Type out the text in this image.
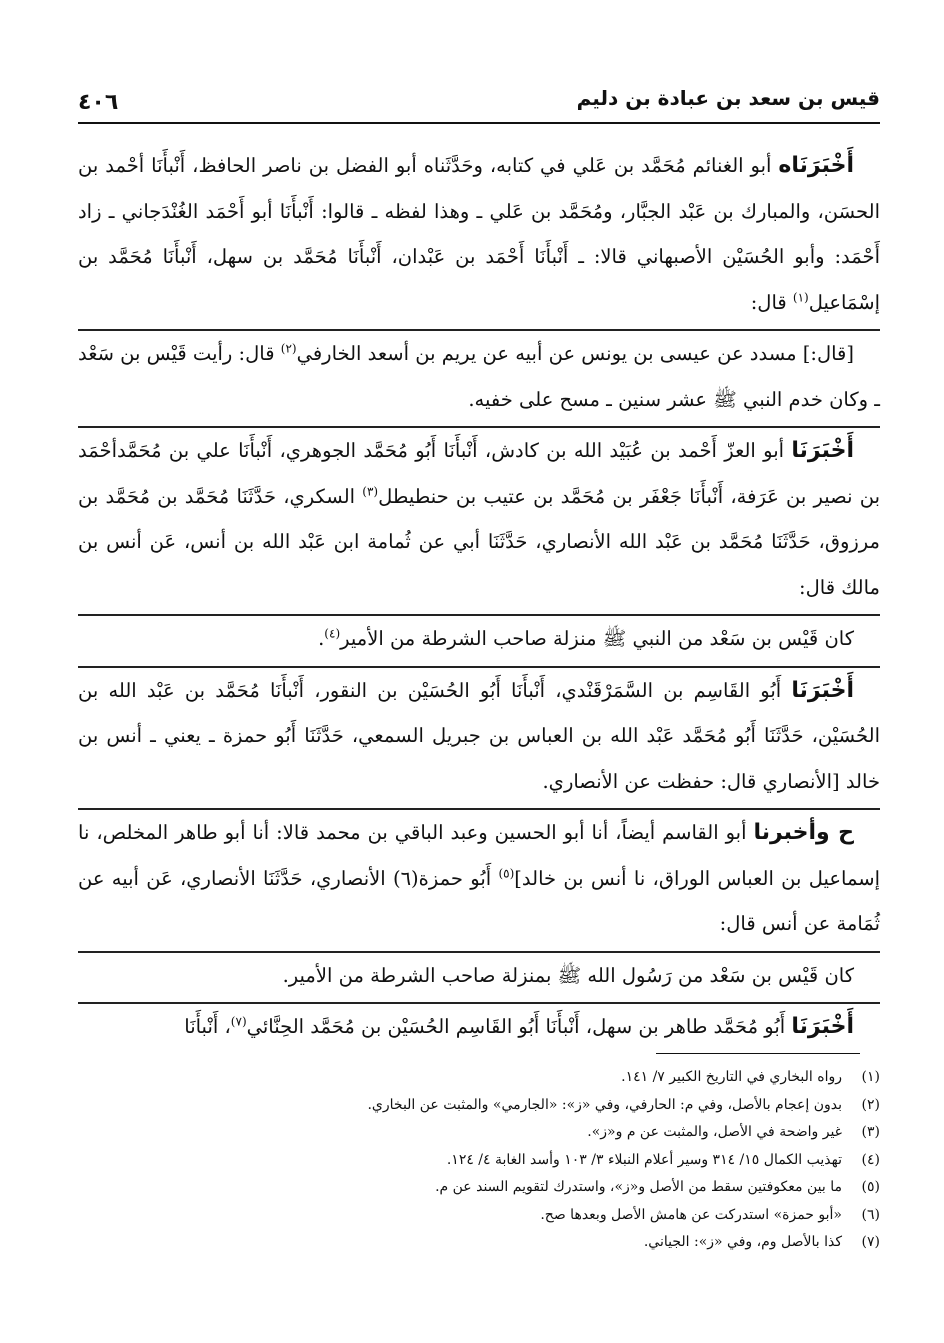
قيس بن سعد بن عبادة بن دليم
٤٠٦

أَخْبَرَنَاه أبو الغنائم مُحَمَّد بن عَلي في كتابه، وحَدَّثَناه أبو الفضل بن ناصر الحافظ، أَنْبأَنَا أحْمد بن الحسَن، والمبارك بن عَبْد الجبَّار، ومُحَمَّد بن عَلي ـ وهذا لفظه ـ قالوا: أَنْبأَنَا أبو أَحْمَد الغُنْدَجاني ـ زاد أَحْمَد: وأبو الحُسَيْن الأصبهاني قالا: ـ أَنْبأَنَا أَحْمَد بن عَبْدان، أَنْبأَنَا مُحَمَّد بن سهل، أَنْبأَنَا مُحَمَّد بن إسْمَاعيل$^{(١)}$ قال:

[قال:] مسدد عن عيسى بن يونس عن أبيه عن يريم بن أسعد الخارفي$^{(٢)}$ قال: رأيت قَيْس بن سَعْد ـ وكان خدم النبي ﷺ عشر سنين ـ مسح على خفيه.

أَخْبَرَنَا أبو العزّ أَحْمد بن عُبَيْد الله بن كادش، أَنْبأَنَا أَبُو مُحَمَّد الجوهري، أَنْبأَنَا علي بن مُحَمَّدأحْمَد بن نصير بن عَرَفة، أَنْبأَنَا جَعْفَر بن مُحَمَّد بن عتيب بن حنطيطل$^{(٣)}$ السكري، حَدَّثَنَا مُحَمَّد بن مُحَمَّد بن مرزوق، حَدَّثَنَا مُحَمَّد بن عَبْد الله الأنصاري، حَدَّثَنَا أبي عن ثُمامة ابن عَبْد الله بن أنس، عَن أنس بن مالك قال:

كان قَيْس بن سَعْد من النبي ﷺ منزلة صاحب الشرطة من الأمير$^{(٤)}$.

أَخْبَرَنَا أَبُو القَاسِم بن السَّمَرْقَنْدي، أَنْبأَنَا أَبُو الحُسَيْن بن النقور، أَنْبأَنَا مُحَمَّد بن عَبْد الله بن الحُسَيْن، حَدَّثَنَا أَبُو مُحَمَّد عَبْد الله بن العباس بن جبريل السمعي، حَدَّثَنَا أَبُو حمزة ـ يعني ـ أنس بن خالد [الأنصاري قال: حفظت عن الأنصاري.

ح وأخبرنا أبو القاسم أيضاً، أنا أبو الحسين وعبد الباقي بن محمد قالا: أنا أبو طاهر المخلص، نا إسماعيل بن العباس الوراق، نا أنس بن خالد]$^{(٥)}$ أَبُو حمزة(٦) الأنصاري، حَدَّثَنَا الأنصاري، عَن أبيه عن ثُمَامة عن أنس قال:

كان قَيْس بن سَعْد من رَسُول الله ﷺ بمنزلة صاحب الشرطة من الأمير.

أَخْبَرَنَا أَبُو مُحَمَّد طاهر بن سهل، أَنْبأَنَا أَبُو القَاسِم الحُسَيْن بن مُحَمَّد الحِنَّائي$^{(٧)}$، أَنْبأَنَا

(١)رواه البخاري في التاريخ الكبير ٧/ ١٤١.
(٢)بدون إعجام بالأصل، وفي م: الحارفي، وفي «ز»: «الجارمي» والمثبت عن البخاري.
(٣)غير واضحة في الأصل، والمثبت عن م و«ز».
(٤)تهذيب الكمال ١٥/ ٣١٤ وسير أعلام النبلاء ٣/ ١٠٣ وأسد الغابة ٤/ ١٢٤.
(٥)ما بين معكوفتين سقط من الأصل و«ز»، واستدرك لتقويم السند عن م.
(٦)«أبو حمزة» استدركت عن هامش الأصل وبعدها صح.
(٧)كذا بالأصل وم، وفي «ز»: الجياني.
